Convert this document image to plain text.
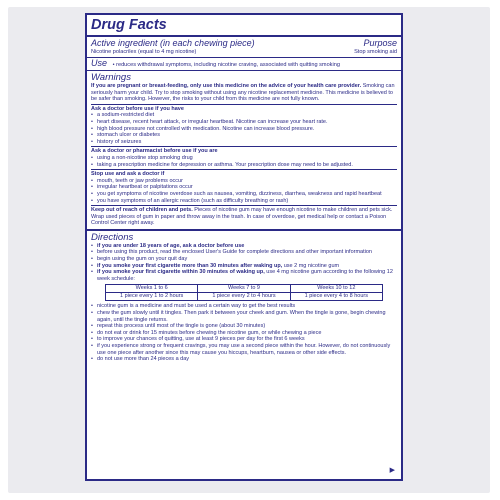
Drug Facts
Active ingredient (in each chewing piece)	Purpose
Nicotine polacrilex (equal to 4 mg nicotine)	Stop smoking aid
Use • reduces withdrawal symptoms, including nicotine craving, associated with quitting smoking
Warnings
If you are pregnant or breast-feeding, only use this medicine on the advice of your health care provider. Smoking can seriously harm your child. Try to stop smoking without using any nicotine replacement medicine. This medicine is believed to be safer than smoking. However, the risks to your child from this medicine are not fully known.
Ask a doctor before use if you have
• a sodium-restricted diet
• heart disease, recent heart attack, or irregular heartbeat. Nicotine can increase your heart rate.
• high blood pressure not controlled with medication. Nicotine can increase blood pressure.
• stomach ulcer or diabetes
• history of seizures
Ask a doctor or pharmacist before use if you are
• using a non-nicotine stop smoking drug
• taking a prescription medicine for depression or asthma. Your prescription dose may need to be adjusted.
Stop use and ask a doctor if
• mouth, teeth or jaw problems occur
• irregular heartbeat or palpitations occur
• you get symptoms of nicotine overdose such as nausea, vomiting, dizziness, diarrhea, weakness and rapid heartbeat
• you have symptoms of an allergic reaction (such as difficulty breathing or rash)
Keep out of reach of children and pets. Pieces of nicotine gum may have enough nicotine to make children and pets sick. Wrap used pieces of gum in paper and throw away in the trash. In case of overdose, get medical help or contact a Poison Control Center right away.
Directions
• if you are under 18 years of age, ask a doctor before use
• before using this product, read the enclosed User's Guide for complete directions and other important information
• begin using the gum on your quit day
• if you smoke your first cigarette more than 30 minutes after waking up, use 2 mg nicotine gum
• if you smoke your first cigarette within 30 minutes of waking up, use 4 mg nicotine gum according to the following 12 week schedule:
Weeks 1 to 6	Weeks 7 to 9	Weeks 10 to 12
1 piece every 1 to 2 hours	1 piece every 2 to 4 hours	1 piece every 4 to 8 hours
• nicotine gum is a medicine and must be used a certain way to get the best results
• chew the gum slowly until it tingles. Then park it between your cheek and gum. When the tingle is gone, begin chewing again, until the tingle returns.
• repeat this process until most of the tingle is gone (about 30 minutes)
• do not eat or drink for 15 minutes before chewing the nicotine gum, or while chewing a piece
• to improve your chances of quitting, use at least 9 pieces per day for the first 6 weeks
• if you experience strong or frequent cravings, you may use a second piece within the hour. However, do not continuously use one piece after another since this may cause you hiccups, heartburn, nausea or other side effects.
• do not use more than 24 pieces a day
▶
